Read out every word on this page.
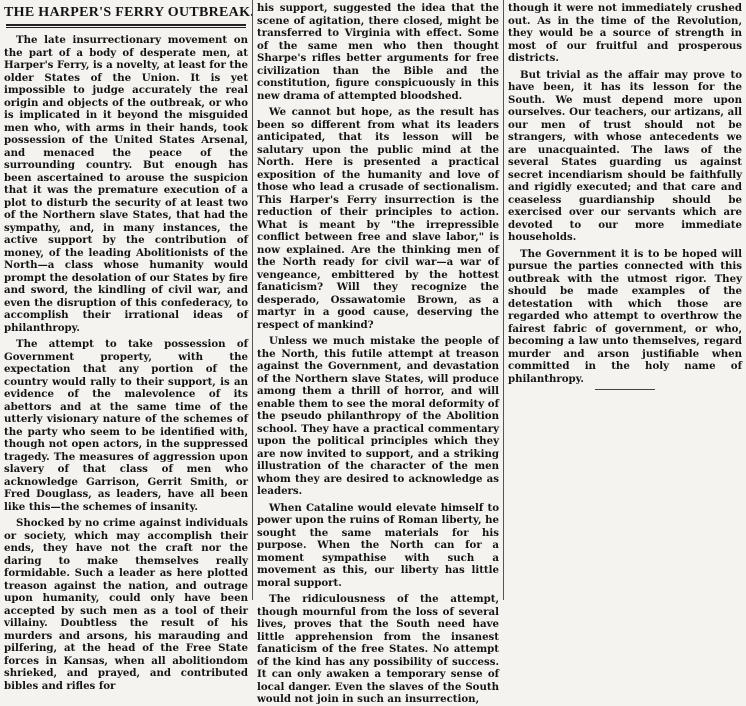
THE HARPER'S FERRY OUTBREAK.

The late insurrectionary movement on the part of a body of desperate men, at Harper's Ferry, is a novelty, at least for the older States of the Union. It is yet impossible to judge accurately the real origin and objects of the outbreak, or who is implicated in it beyond the misguided men who, with arms in their hands, took possession of the United States Arsenal, and menaced the peace of the surrounding country. But enough has been ascertained to arouse the suspicion that it was the premature execution of a plot to disturb the security of at least two of the Northern slave States, that had the sympathy, and, in many instances, the active support by the contribution of money, of the leading Abolitionists of the North—a class whose humanity would prompt the desolation of our States by fire and sword, the kindling of civil war, and even the disruption of this confederacy, to accomplish their irrational ideas of philanthropy.

The attempt to take possession of Government property, with the expectation that any portion of the country would rally to their support, is an evidence of the malevolence of its abettors and at the same time of the utterly visionary nature of the schemes of the party who seem to be identified with, though not open actors, in the suppressed tragedy. The measures of aggression upon slavery of that class of men who acknowledge Garrison, Gerrit Smith, or Fred Douglass, as leaders, have all been like this—the schemes of insanity.

Shocked by no crime against individuals or society, which may accomplish their ends, they have not the craft nor the daring to make themselves really formidable. Such a leader as here plotted treason against the nation, and outrage upon humanity, could only have been accepted by such men as a tool of their villainy. Doubtless the result of his murders and arsons, his marauding and pilfering, at the head of the Free State forces in Kansas, when all abolitiondom shrieked, and prayed, and contributed bibles and rifles for

his support, suggested the idea that the scene of agitation, there closed, might be transferred to Virginia with effect. Some of the same men who then thought Sharpe's rifles better arguments for free civilization than the Bible and the constitution, figure conspicuously in this new drama of attempted bloodshed.

We cannot but hope, as the result has been so different from what its leaders anticipated, that its lesson will be salutary upon the public mind at the North. Here is presented a practical exposition of the humanity and love of those who lead a crusade of sectionalism. This Harper's Ferry insurrection is the reduction of their principles to action. What is meant by "the irrepressible conflict between free and slave labor," is now explained. Are the thinking men of the North ready for civil war—a war of vengeance, embittered by the hottest fanaticism? Will they recognize the desperado, Ossawatomie Brown, as a martyr in a good cause, deserving the respect of mankind?

Unless we much mistake the people of the North, this futile attempt at treason against the Government, and devastation of the Northern slave States, will produce among them a thrill of horror, and will enable them to see the moral deformity of the pseudo philanthropy of the Abolition school. They have a practical commentary upon the political principles which they are now invited to support, and a striking illustration of the character of the men whom they are desired to acknowledge as leaders.

When Cataline would elevate himself to power upon the ruins of Roman liberty, he sought the same materials for his purpose. When the North can for a moment sympathise with such a movement as this, our liberty has little moral support.

The ridiculousness of the attempt, though mournful from the loss of several lives, proves that the South need have little apprehension from the insanest fanaticism of the free States. No attempt of the kind has any possibility of success. It can only awaken a temporary sense of local danger. Even the slaves of the South would not join in such an insurrection,

though it were not immediately crushed out. As in the time of the Revolution, they would be a source of strength in most of our fruitful and prosperous districts.

But trivial as the affair may prove to have been, it has its lesson for the South. We must depend more upon ourselves. Our teachers, our artizans, all our men of trust should not be strangers, with whose antecedents we are unacquainted. The laws of the several States guarding us against secret incendiarism should be faithfully and rigidly executed; and that care and ceaseless guardianship should be exercised over our servants which are devoted to our more immediate households.

The Government it is to be hoped will pursue the parties connected with this outbreak with the utmost rigor. They should be made examples of the detestation with which those are regarded who attempt to overthrow the fairest fabric of government, or who, becoming a law unto themselves, regard murder and arson justifiable when committed in the holy name of philanthropy.
